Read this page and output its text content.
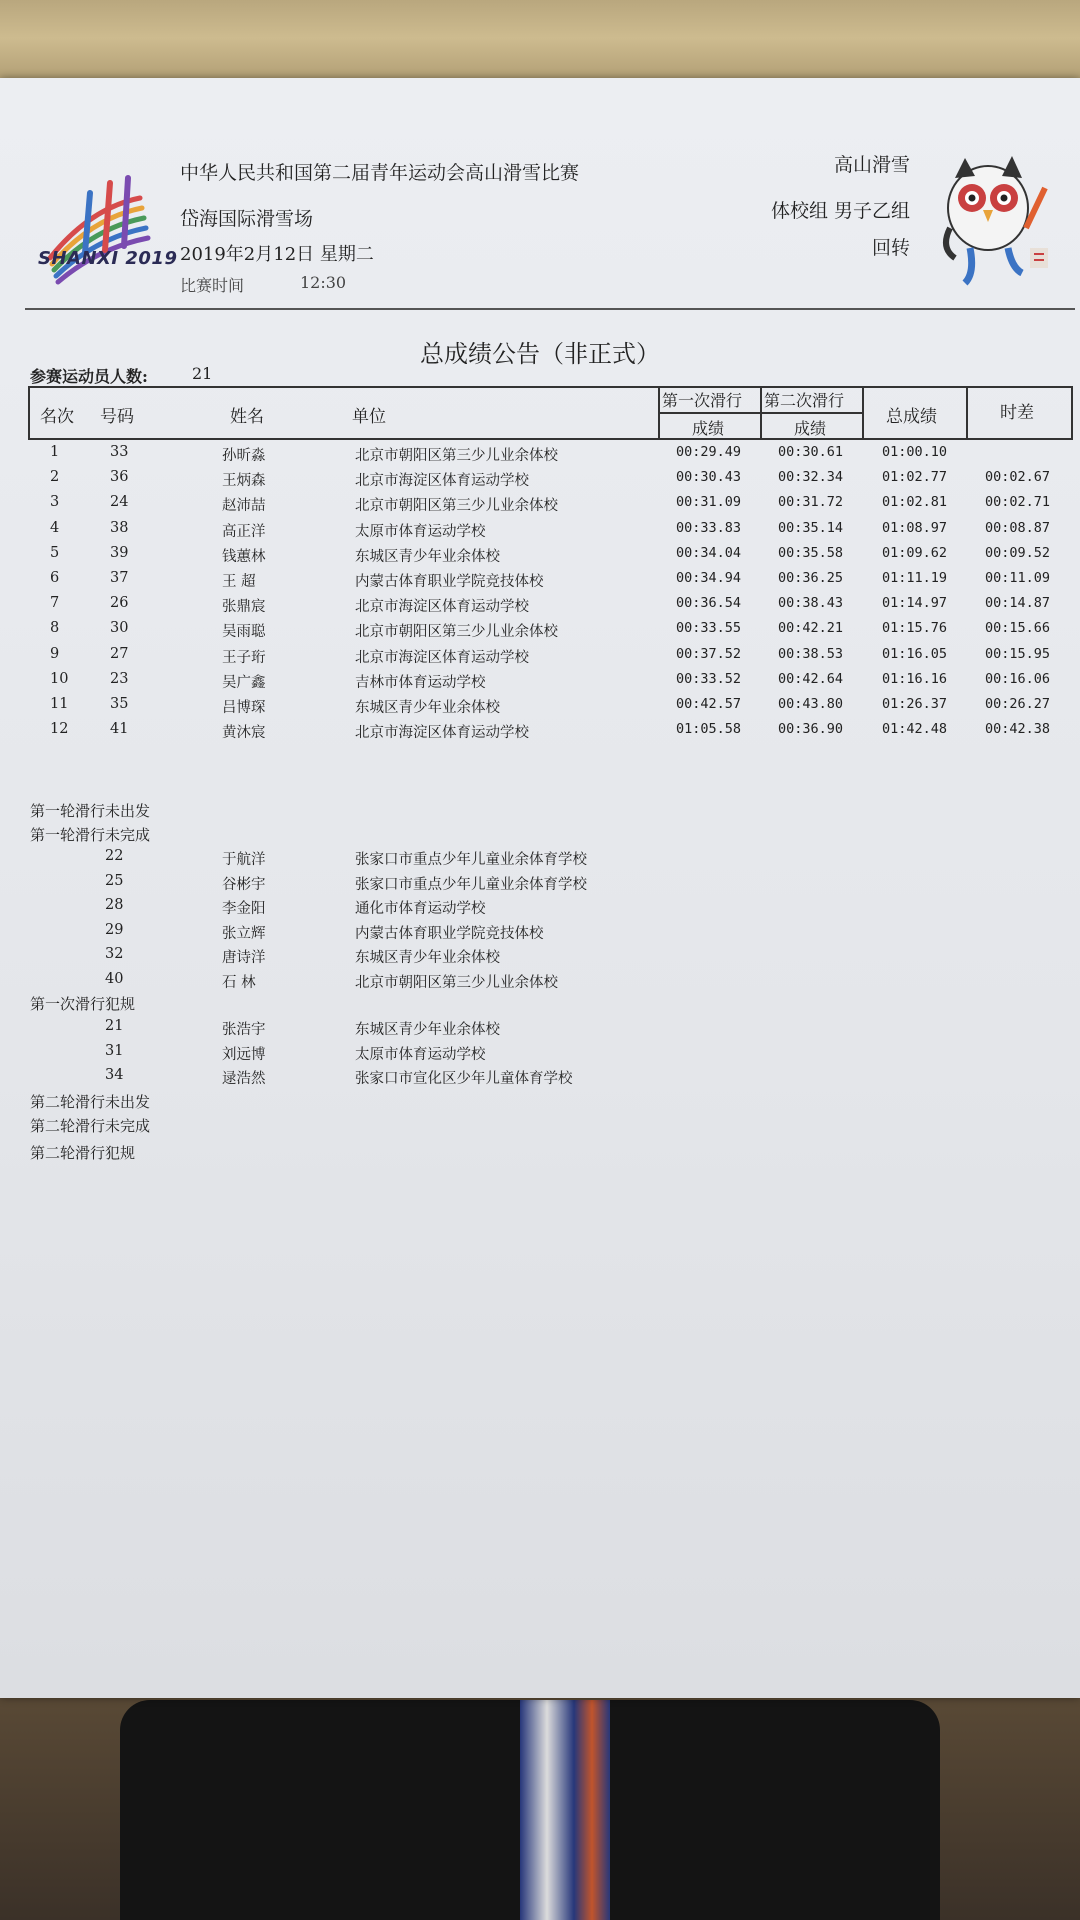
SHANXI 2019
中华人民共和国第二届青年运动会高山滑雪比赛
岱海国际滑雪场
2019年2月12日 星期二
比赛时间	12:30
高山滑雪
体校组 男子乙组
回转
总成绩公告（非正式）
参赛运动员人数:	21
名次 号码	姓名	单位
第一次滑行 第二次滑行
成绩	成绩
总成绩	时差
1	33	孙昕淼	北京市朝阳区第三少儿业余体校	00:29.49	00:30.61	01:00.10
2	36	王炳森	北京市海淀区体育运动学校	00:30.43	00:32.34	01:02.77	00:02.67
3	24	赵沛喆	北京市朝阳区第三少儿业余体校	00:31.09	00:31.72	01:02.81	00:02.71
4	38	高正洋	太原市体育运动学校	00:33.83	00:35.14	01:08.97	00:08.87
5	39	钱蕙林	东城区青少年业余体校	00:34.04	00:35.58	01:09.62	00:09.52
6	37	王 超	内蒙古体育职业学院竞技体校	00:34.94	00:36.25	01:11.19	00:11.09
7	26	张鼎宸	北京市海淀区体育运动学校	00:36.54	00:38.43	01:14.97	00:14.87
8	30	吴雨聪	北京市朝阳区第三少儿业余体校	00:33.55	00:42.21	01:15.76	00:15.66
9	27	王子珩	北京市海淀区体育运动学校	00:37.52	00:38.53	01:16.05	00:15.95
10	23	吴广鑫	吉林市体育运动学校	00:33.52	00:42.64	01:16.16	00:16.06
11	35	吕博琛	东城区青少年业余体校	00:42.57	00:43.80	01:26.37	00:26.27
12	41	黄沐宸	北京市海淀区体育运动学校	01:05.58	00:36.90	01:42.48	00:42.38
第一轮滑行未出发
第一轮滑行未完成
22	于航洋	张家口市重点少年儿童业余体育学校
25	谷彬宇	张家口市重点少年儿童业余体育学校
28	李金阳	通化市体育运动学校
29	张立辉	内蒙古体育职业学院竞技体校
32	唐诗洋	东城区青少年业余体校
40	石 林	北京市朝阳区第三少儿业余体校
第一次滑行犯规
21	张浩宇	东城区青少年业余体校
31	刘远博	太原市体育运动学校
34	逯浩然	张家口市宣化区少年儿童体育学校
第二轮滑行未出发
第二轮滑行未完成
第二轮滑行犯规
